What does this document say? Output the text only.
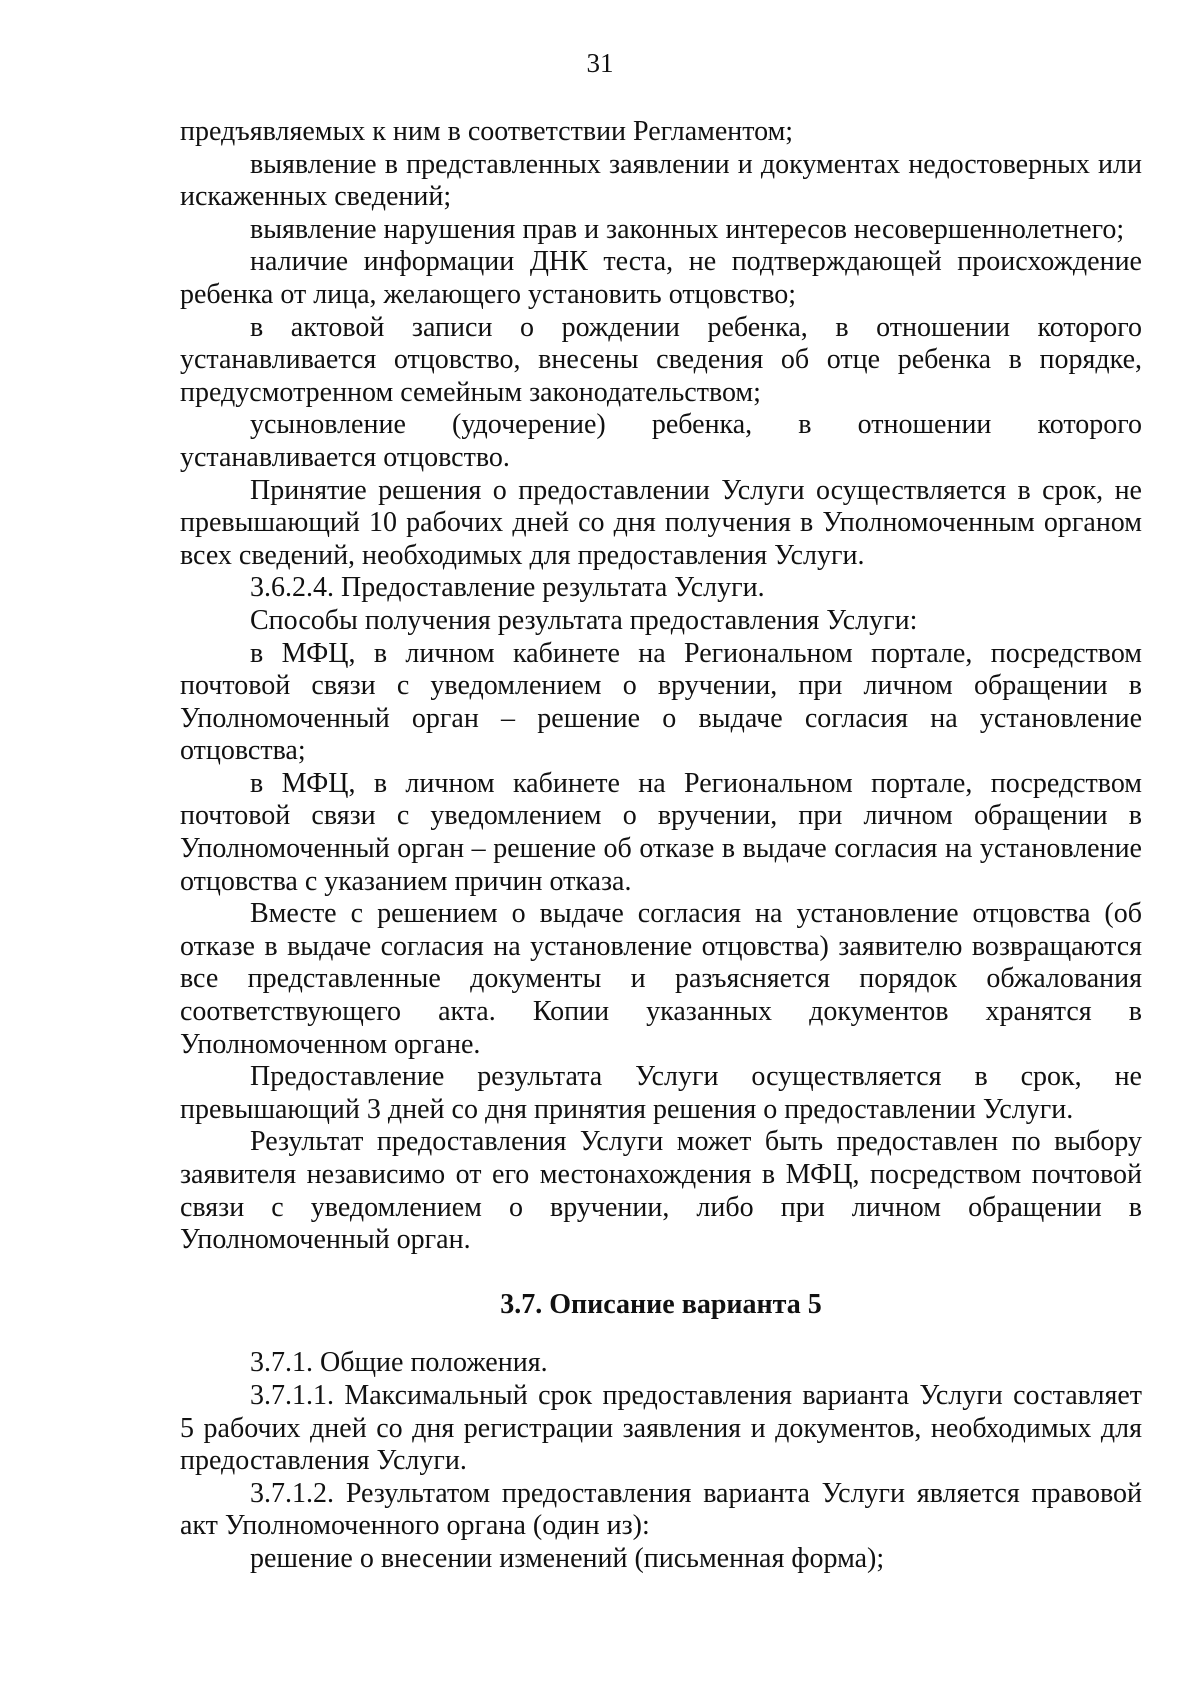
31

предъявляемых к ним в соответствии Регламентом;

выявление в представленных заявлении и документах недостоверных или искаженных сведений;

выявление нарушения прав и законных интересов несовершеннолетнего;

наличие информации ДНК теста, не подтверждающей происхождение ребенка от лица, желающего установить отцовство;

в актовой записи о рождении ребенка, в отношении которого устанавливается отцовство, внесены сведения об отце ребенка в порядке, предусмотренном семейным законодательством;

усыновление (удочерение) ребенка, в отношении которого устанавливается отцовство.

Принятие решения о предоставлении Услуги осуществляется в срок, не превышающий 10 рабочих дней со дня получения в Уполномоченным органом всех сведений, необходимых для предоставления Услуги.

3.6.2.4. Предоставление результата Услуги.

Способы получения результата предоставления Услуги:

в МФЦ, в личном кабинете на Региональном портале, посредством почтовой связи с уведомлением о вручении, при личном обращении в Уполномоченный орган – решение о выдаче согласия на установление отцовства;

в МФЦ, в личном кабинете на Региональном портале, посредством почтовой связи с уведомлением о вручении, при личном обращении в Уполномоченный орган – решение об отказе в выдаче согласия на установление отцовства с указанием причин отказа.

Вместе с решением о выдаче согласия на установление отцовства (об отказе в выдаче согласия на установление отцовства) заявителю возвращаются все представленные документы и разъясняется порядок обжалования соответствующего акта. Копии указанных документов хранятся в Уполномоченном органе.

Предоставление результата Услуги осуществляется в срок, не превышающий 3 дней со дня принятия решения о предоставлении Услуги.

Результат предоставления Услуги может быть предоставлен по выбору заявителя независимо от его местонахождения в МФЦ, посредством почтовой связи с уведомлением о вручении, либо при личном обращении в Уполномоченный орган.

3.7. Описание варианта 5

3.7.1. Общие положения.

3.7.1.1. Максимальный срок предоставления варианта Услуги составляет 5 рабочих дней со дня регистрации заявления и документов, необходимых для предоставления Услуги.

3.7.1.2. Результатом предоставления варианта Услуги является правовой акт Уполномоченного органа (один из):

решение о внесении изменений (письменная форма);
